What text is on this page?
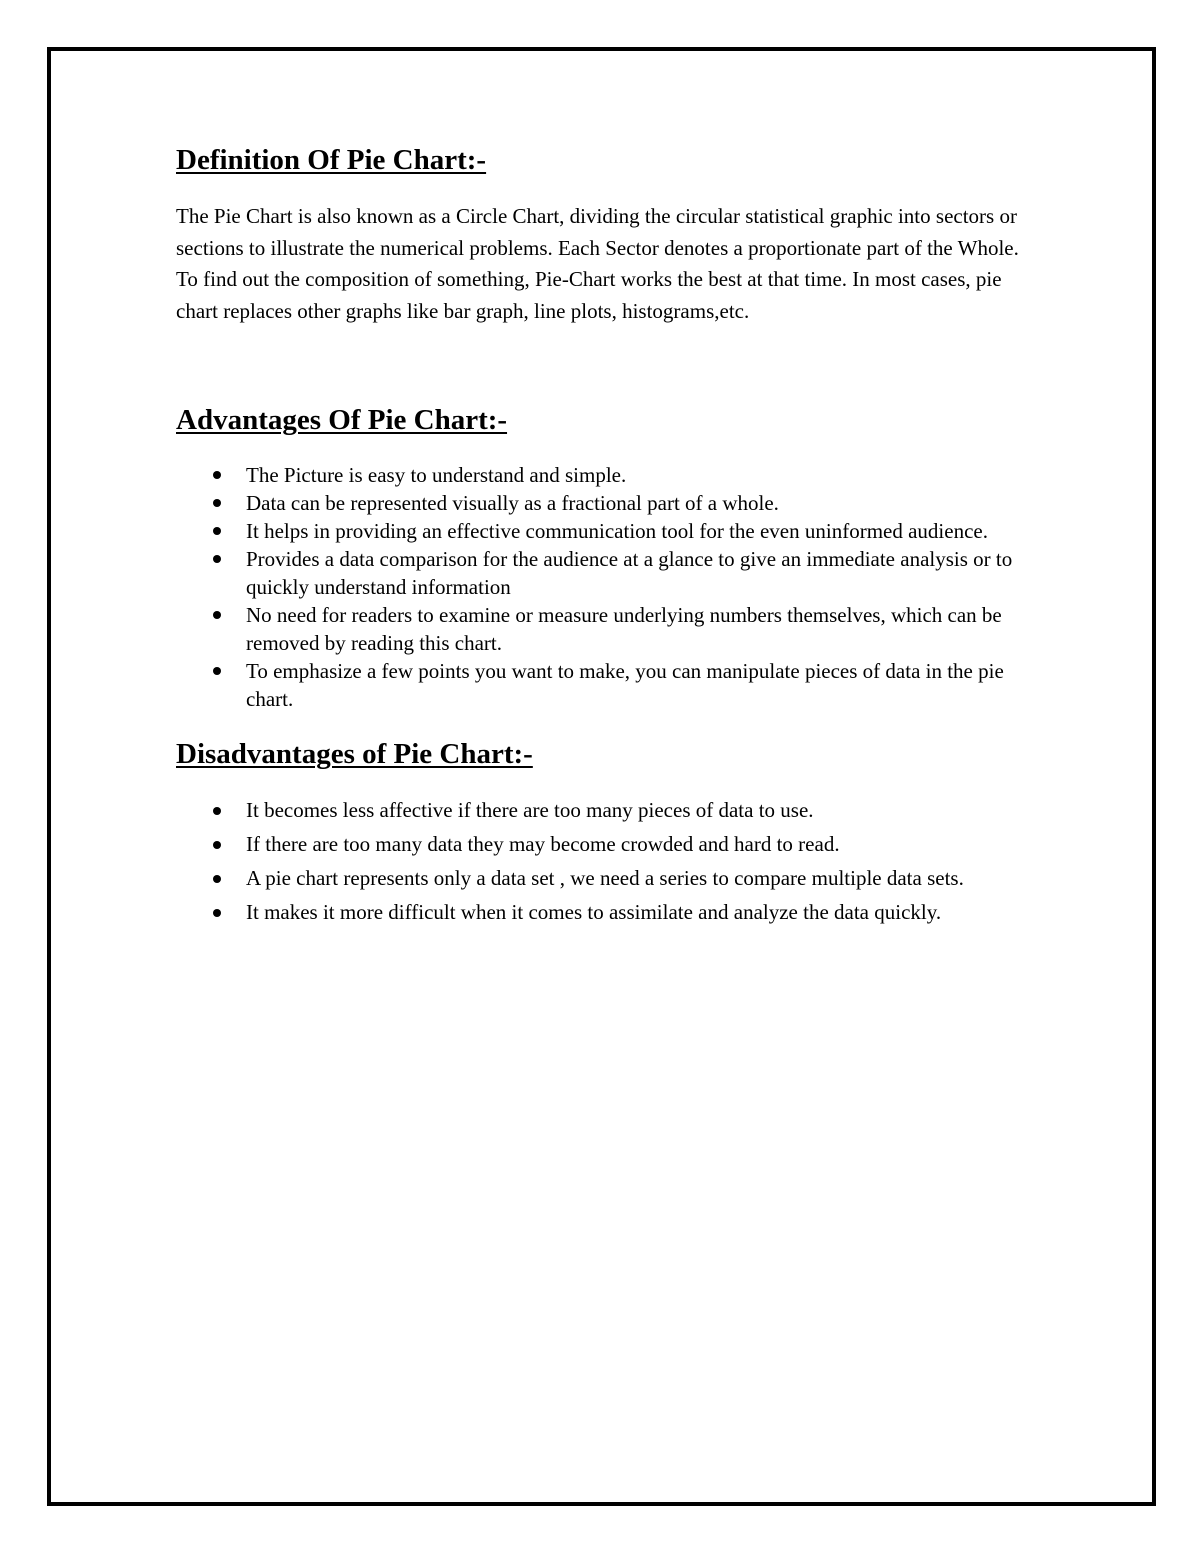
Definition Of Pie Chart:-

The Pie Chart is also known as a Circle Chart, dividing the circular statistical graphic into sectors or sections to illustrate the numerical problems. Each Sector denotes a proportionate part of the Whole. To find out the composition of something, Pie-Chart works the best at that time. In most cases, pie chart replaces other graphs like bar graph, line plots, histograms,etc.

Advantages Of Pie Chart:-
The Picture is easy to understand and simple.
Data can be represented visually as a fractional part of a whole.
It helps in providing an effective communication tool for the even uninformed audience.
Provides a data comparison for the audience at a glance to give an immediate analysis or to quickly understand information
No need for readers to examine or measure underlying numbers themselves, which can be removed by reading this chart.
To emphasize a few points you want to make, you can manipulate pieces of data in the pie chart.
Disadvantages of Pie Chart:-
It becomes less affective if there are too many pieces of data to use.
If there are too many data they may become crowded and hard to read.
A pie chart represents only a data set , we need a series to compare multiple data sets.
It makes it more difficult when it comes to assimilate and analyze the data quickly.
